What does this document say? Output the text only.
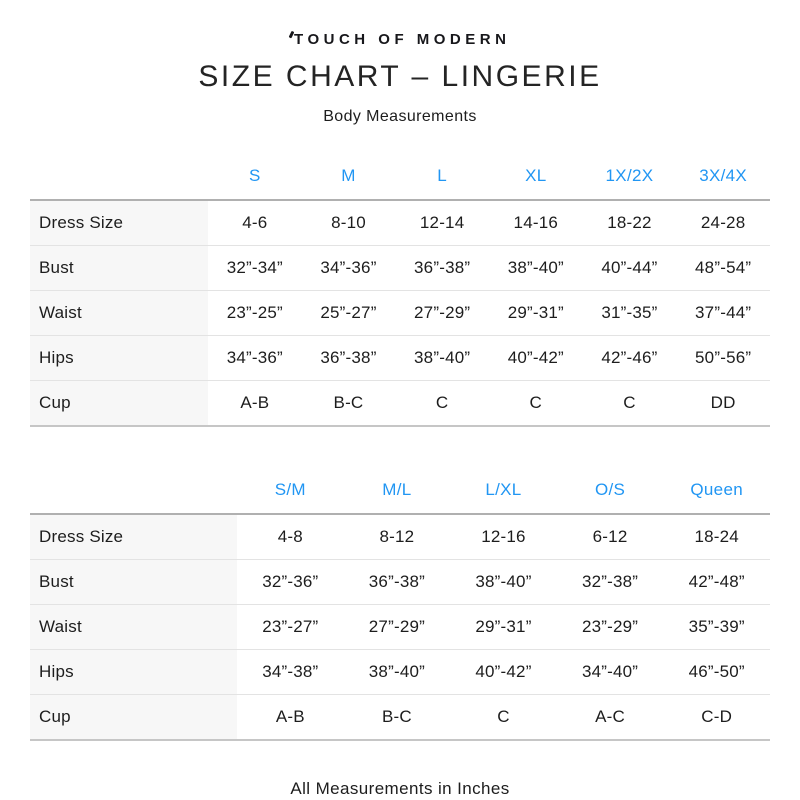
TOUCH OF MODERN
SIZE CHART – LINGERIE
Body Measurements
	S	M	L	XL	1X/2X	3X/4X
Dress Size	4-6	8-10	12-14	14-16	18-22	24-28
Bust	32”-34”	34”-36”	36”-38”	38”-40”	40”-44”	48”-54”
Waist	23”-25”	25”-27”	27”-29”	29”-31”	31”-35”	37”-44”
Hips	34”-36”	36”-38”	38”-40”	40”-42”	42”-46”	50”-56”
Cup	A-B	B-C	C	C	C	DD
	S/M	M/L	L/XL	O/S	Queen
Dress Size	4-8	8-12	12-16	6-12	18-24
Bust	32”-36”	36”-38”	38”-40”	32”-38”	42”-48”
Waist	23”-27”	27”-29”	29”-31”	23”-29”	35”-39”
Hips	34”-38”	38”-40”	40”-42”	34”-40”	46”-50”
Cup	A-B	B-C	C	A-C	C-D
All Measurements in Inches
